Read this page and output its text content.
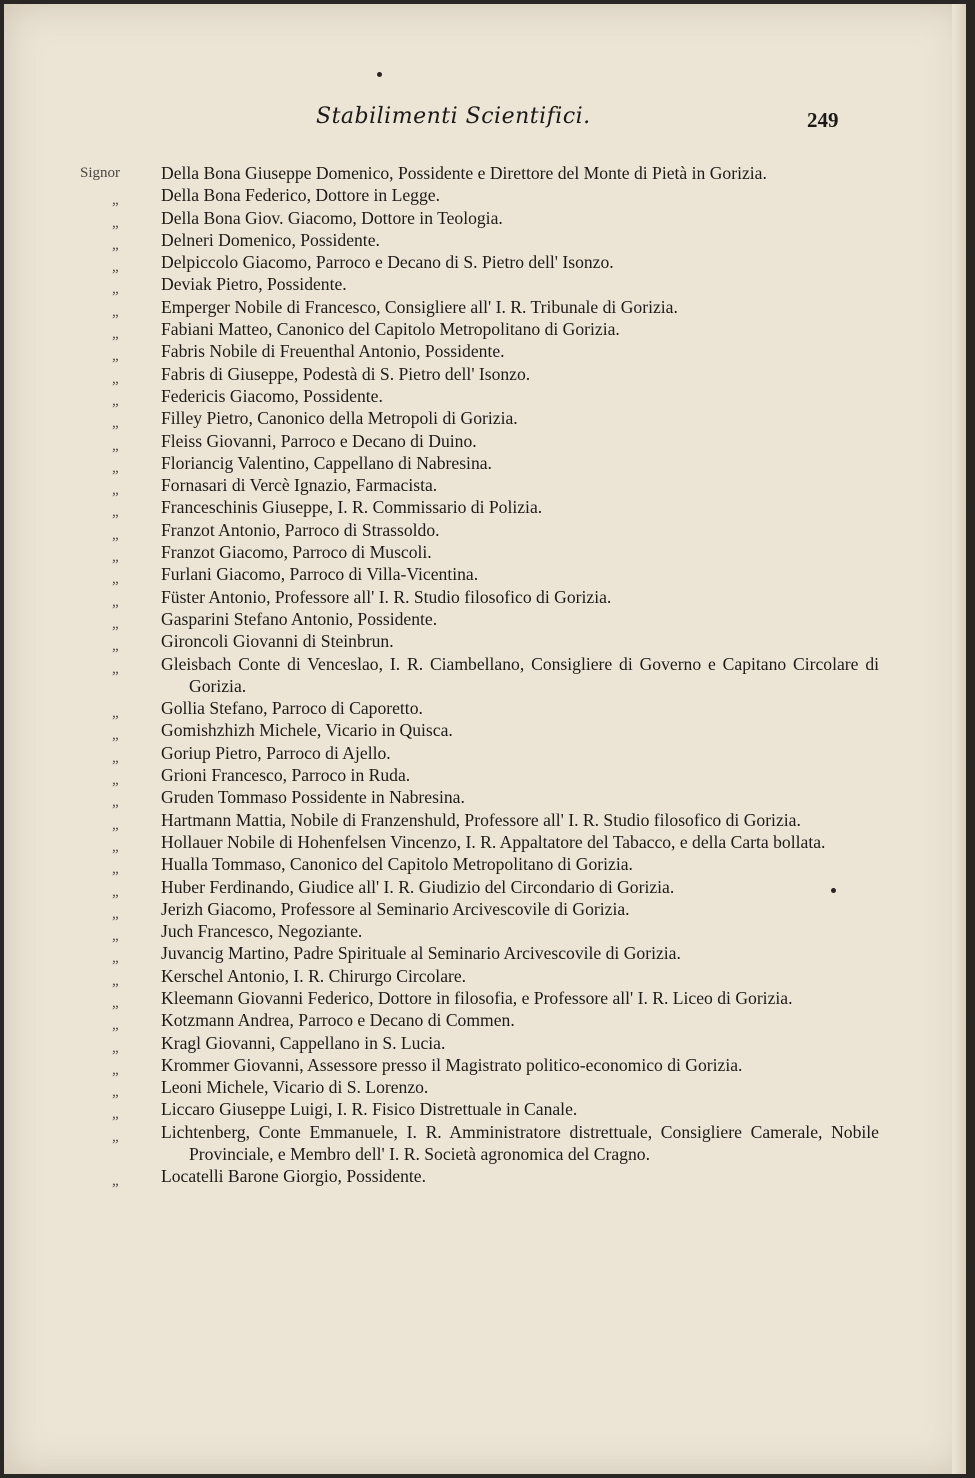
Stabilimenti Scientifici.	249
Signor Della Bona Giuseppe Domenico, Possidente e Direttore del Monte di Pietà in Gorizia.
„ Della Bona Federico, Dottore in Legge.
„ Della Bona Giov. Giacomo, Dottore in Teologia.
„ Delneri Domenico, Possidente.
„ Delpiccolo Giacomo, Parroco e Decano di S. Pietro dell' Isonzo.
„ Deviak Pietro, Possidente.
„ Emperger Nobile di Francesco, Consigliere all' I. R. Tribunale di Gorizia.
„ Fabiani Matteo, Canonico del Capitolo Metropolitano di Gorizia.
„ Fabris Nobile di Freuenthal Antonio, Possidente.
„ Fabris di Giuseppe, Podestà di S. Pietro dell' Isonzo.
„ Federicis Giacomo, Possidente.
„ Filley Pietro, Canonico della Metropoli di Gorizia.
„ Fleiss Giovanni, Parroco e Decano di Duino.
„ Floriancig Valentino, Cappellano di Nabresina.
„ Fornasari di Vercè Ignazio, Farmacista.
„ Franceschinis Giuseppe, I. R. Commissario di Polizia.
„ Franzot Antonio, Parroco di Strassoldo.
„ Franzot Giacomo, Parroco di Muscoli.
„ Furlani Giacomo, Parroco di Villa-Vicentina.
„ Füster Antonio, Professore all' I. R. Studio filosofico di Gorizia.
„ Gasparini Stefano Antonio, Possidente.
„ Gironcoli Giovanni di Steinbrun.
„ Gleisbach Conte di Venceslao, I. R. Ciambellano, Consigliere di Governo e Capitano Circolare di Gorizia.
„ Gollia Stefano, Parroco di Caporetto.
„ Gomishzhizh Michele, Vicario in Quisca.
„ Goriup Pietro, Parroco di Ajello.
„ Grioni Francesco, Parroco in Ruda.
„ Gruden Tommaso Possidente in Nabresina.
„ Hartmann Mattia, Nobile di Franzenshuld, Professore all' I. R. Studio filosofico di Gorizia.
„ Hollauer Nobile di Hohenfelsen Vincenzo, I. R. Appaltatore del Tabacco, e della Carta bollata.
„ Hualla Tommaso, Canonico del Capitolo Metropolitano di Gorizia.
„ Huber Ferdinando, Giudice all' I. R. Giudizio del Circondario di Gorizia.
„ Jerizh Giacomo, Professore al Seminario Arcivescovile di Gorizia.
„ Juch Francesco, Negoziante.
„ Juvancig Martino, Padre Spirituale al Seminario Arcivescovile di Gorizia.
„ Kerschel Antonio, I. R. Chirurgo Circolare.
„ Kleemann Giovanni Federico, Dottore in filosofia, e Professore all' I. R. Liceo di Gorizia.
„ Kotzmann Andrea, Parroco e Decano di Commen.
„ Kragl Giovanni, Cappellano in S. Lucia.
„ Krommer Giovanni, Assessore presso il Magistrato politico-economico di Gorizia.
„ Leoni Michele, Vicario di S. Lorenzo.
„ Liccaro Giuseppe Luigi, I. R. Fisico Distrettuale in Canale.
„ Lichtenberg, Conte Emmanuele, I. R. Amministratore distrettuale, Consigliere Camerale, Nobile Provinciale, e Membro dell' I. R. Società agronomica del Cragno.
„ Locatelli Barone Giorgio, Possidente.
